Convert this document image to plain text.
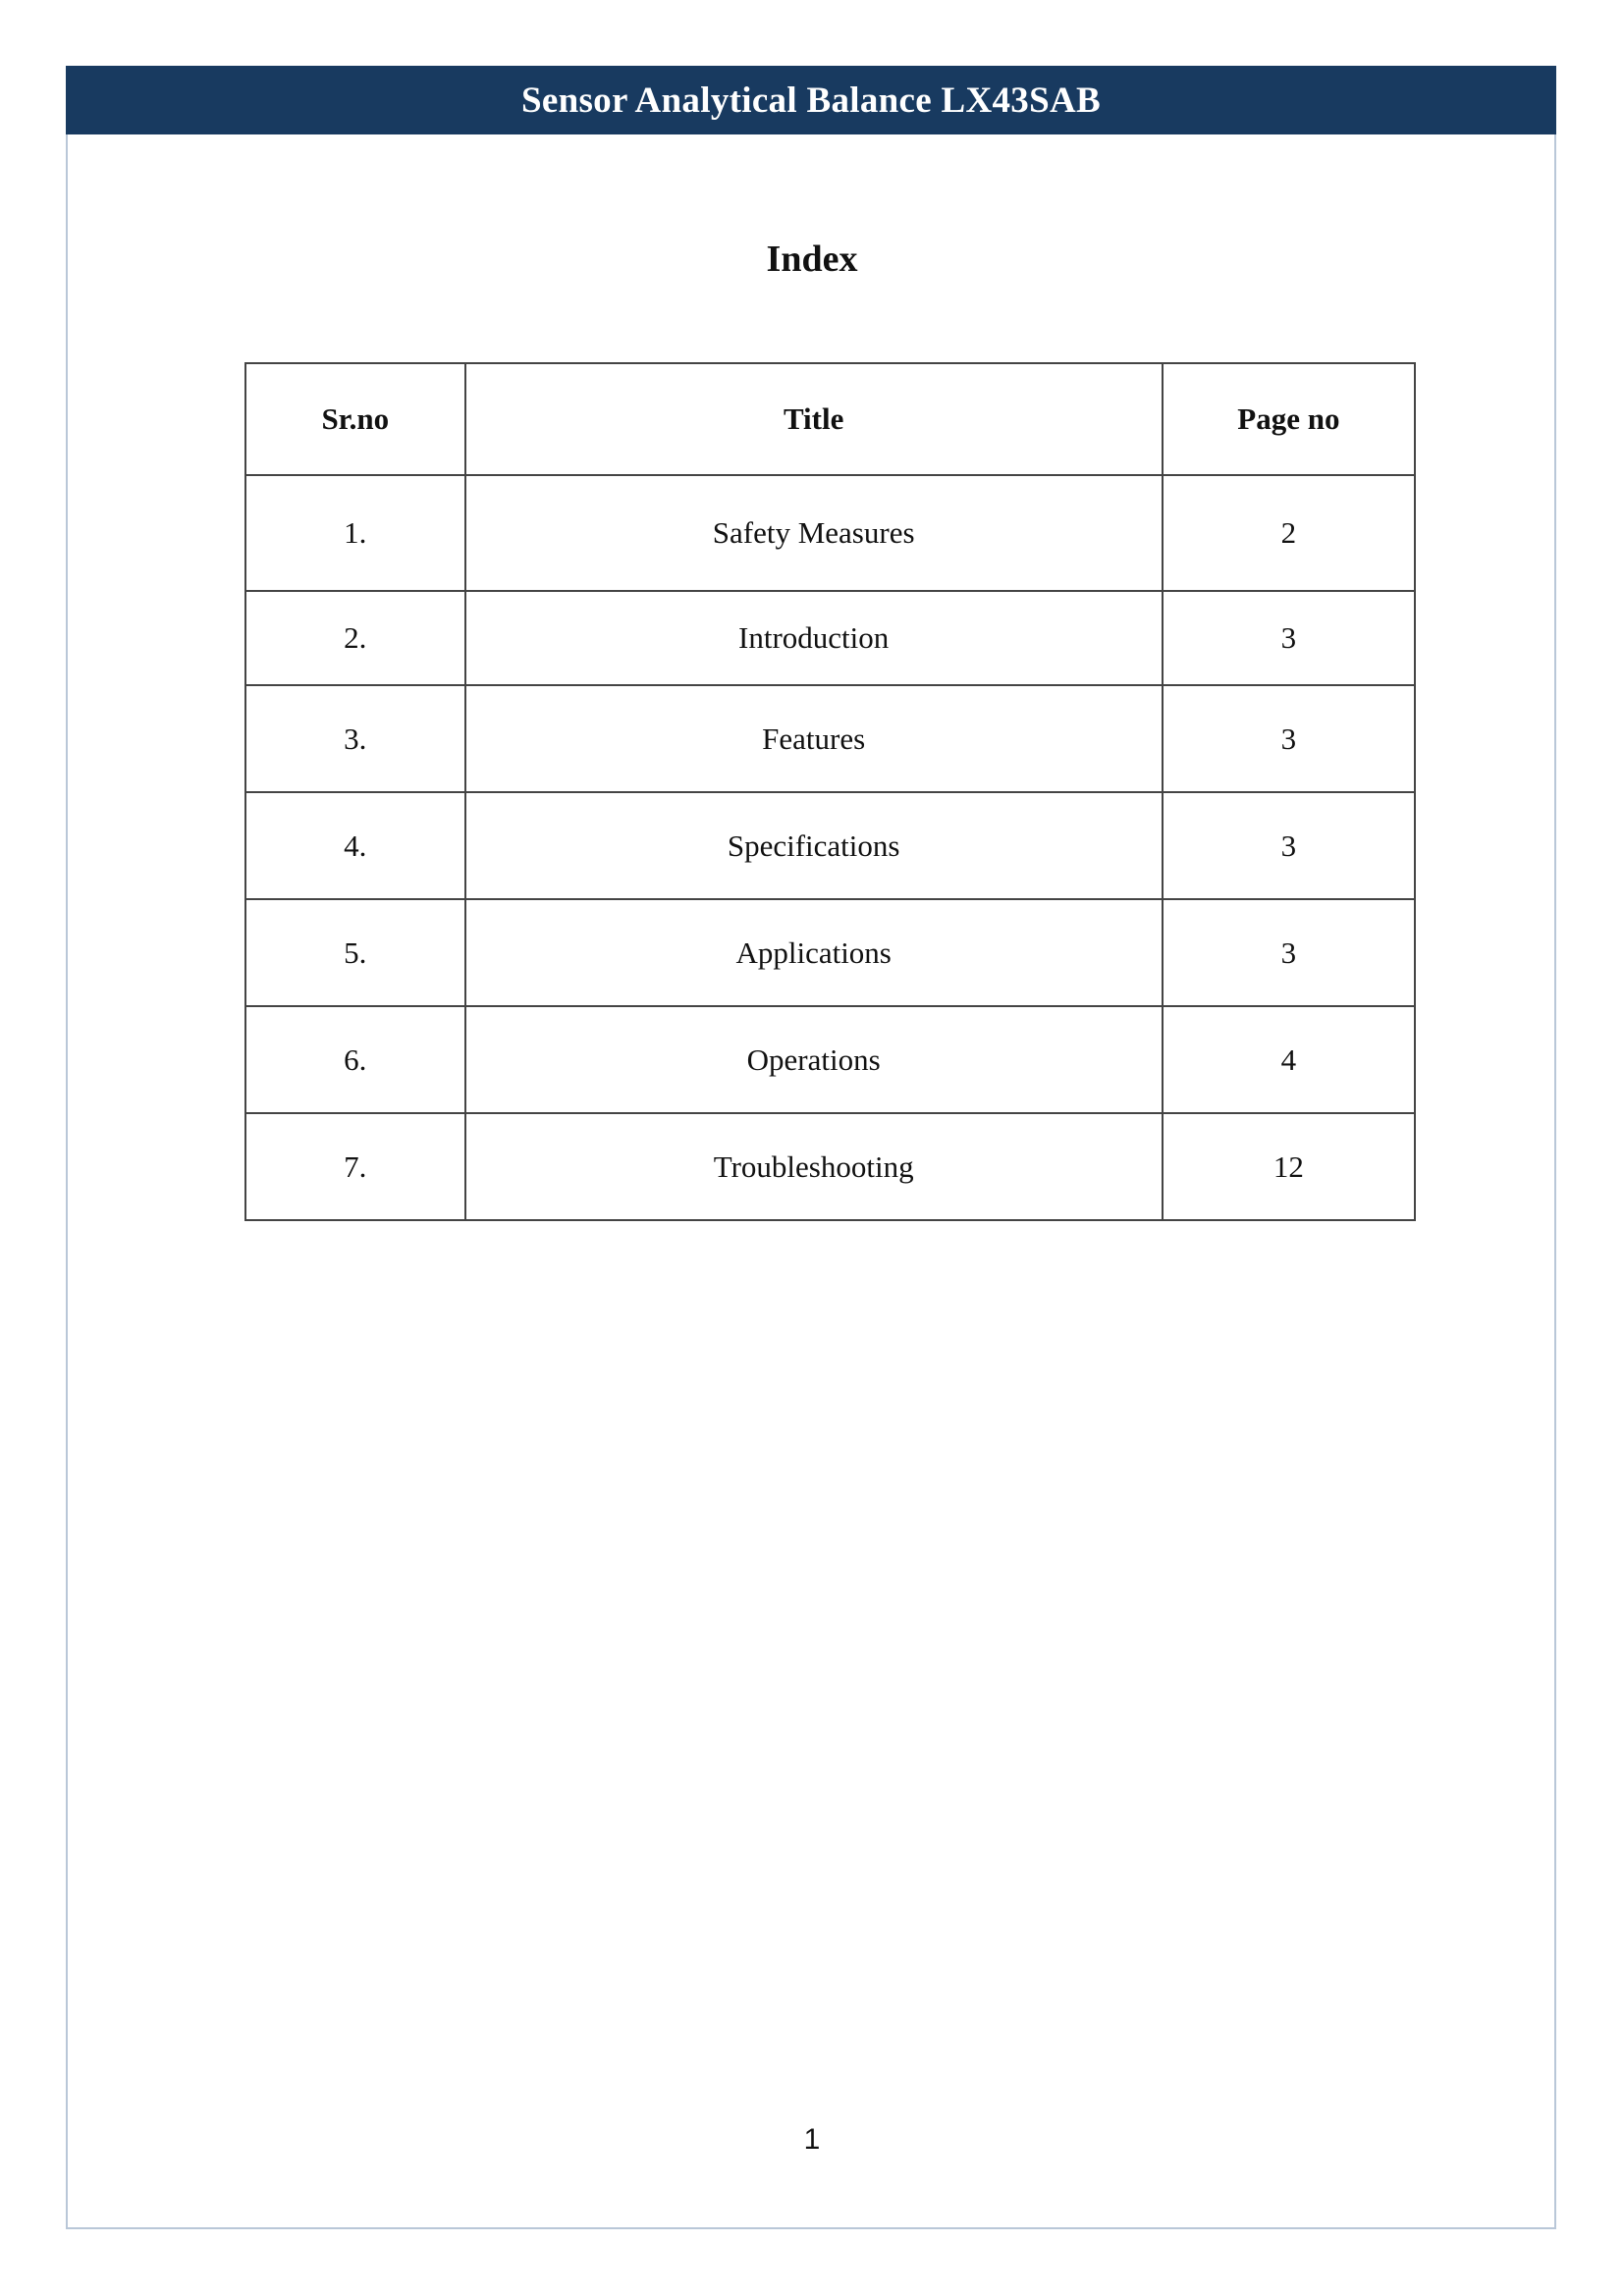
Sensor Analytical Balance LX43SAB
Index
Sr.no	Title	Page no
1.	Safety Measures	2
2.	Introduction	3
3.	Features	3
4.	Specifications	3
5.	Applications	3
6.	Operations	4
7.	Troubleshooting	12
1
